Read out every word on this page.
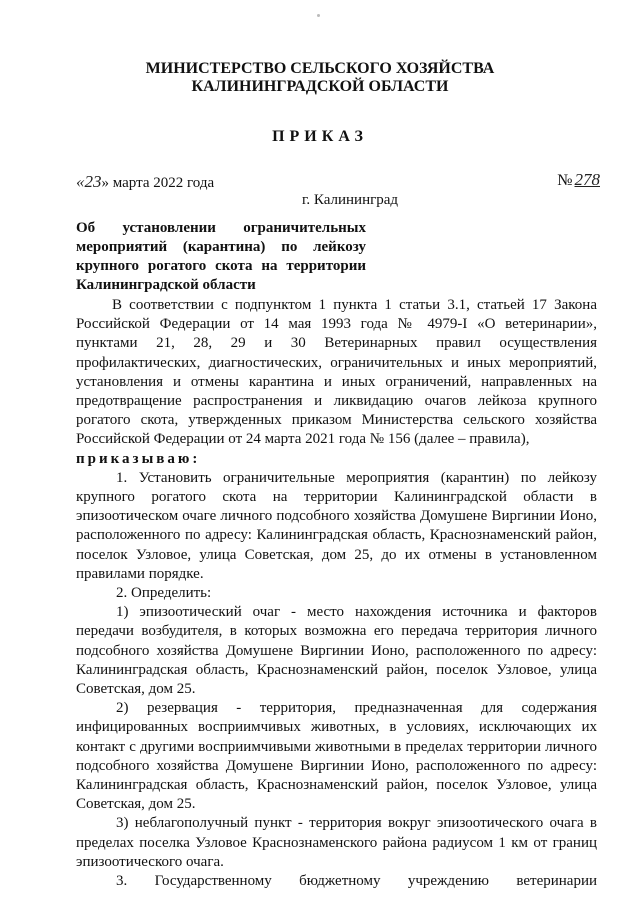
МИНИСТЕРСТВО СЕЛЬСКОГО ХОЗЯЙСТВА
КАЛИНИНГРАДСКОЙ ОБЛАСТИ
ПРИКАЗ
«23» марта 2022 года	№ 278
г. Калининград
Об установлении ограничительных
мероприятий (карантина) по лейкозу
крупного рогатого скота на территории
Калининградской области

В соответствии с подпунктом 1 пункта 1 статьи 3.1, статьей 17 Закона Российской Федерации от 14 мая 1993 года № 4979-I «О ветеринарии», пунктами 21, 28, 29 и 30 Ветеринарных правил осуществления профилактических, диагностических, ограничительных и иных мероприятий, установления и отмены карантина и иных ограничений, направленных на предотвращение распространения и ликвидацию очагов лейкоза крупного рогатого скота, утвержденных приказом Министерства сельского хозяйства Российской Федерации от 24 марта 2021 года № 156 (далее – правила),

приказываю:

1. Установить ограничительные мероприятия (карантин) по лейкозу крупного рогатого скота на территории Калининградской области в эпизоотическом очаге личного подсобного хозяйства Домушене Виргинии Ионо, расположенного по адресу: Калининградская область, Краснознаменский район, поселок Узловое, улица Советская, дом 25, до их отмены в установленном правилами порядке.

2. Определить:

1) эпизоотический очаг - место нахождения источника и факторов передачи возбудителя, в которых возможна его передача территория личного подсобного хозяйства Домушене Виргинии Ионо, расположенного по адресу: Калининградская область, Краснознаменский район, поселок Узловое, улица Советская, дом 25.

2) резервация - территория, предназначенная для содержания инфицированных восприимчивых животных, в условиях, исключающих их контакт с другими восприимчивыми животными в пределах территории личного подсобного хозяйства Домушене Виргинии Ионо, расположенного по адресу: Калининградская область, Краснознаменский район, поселок Узловое, улица Советская, дом 25.

3) неблагополучный пункт - территория вокруг эпизоотического очага в пределах поселка Узловое Краснознаменского района радиусом 1 км от границ эпизоотического очага.

3. Государственному бюджетному учреждению ветеринарии
